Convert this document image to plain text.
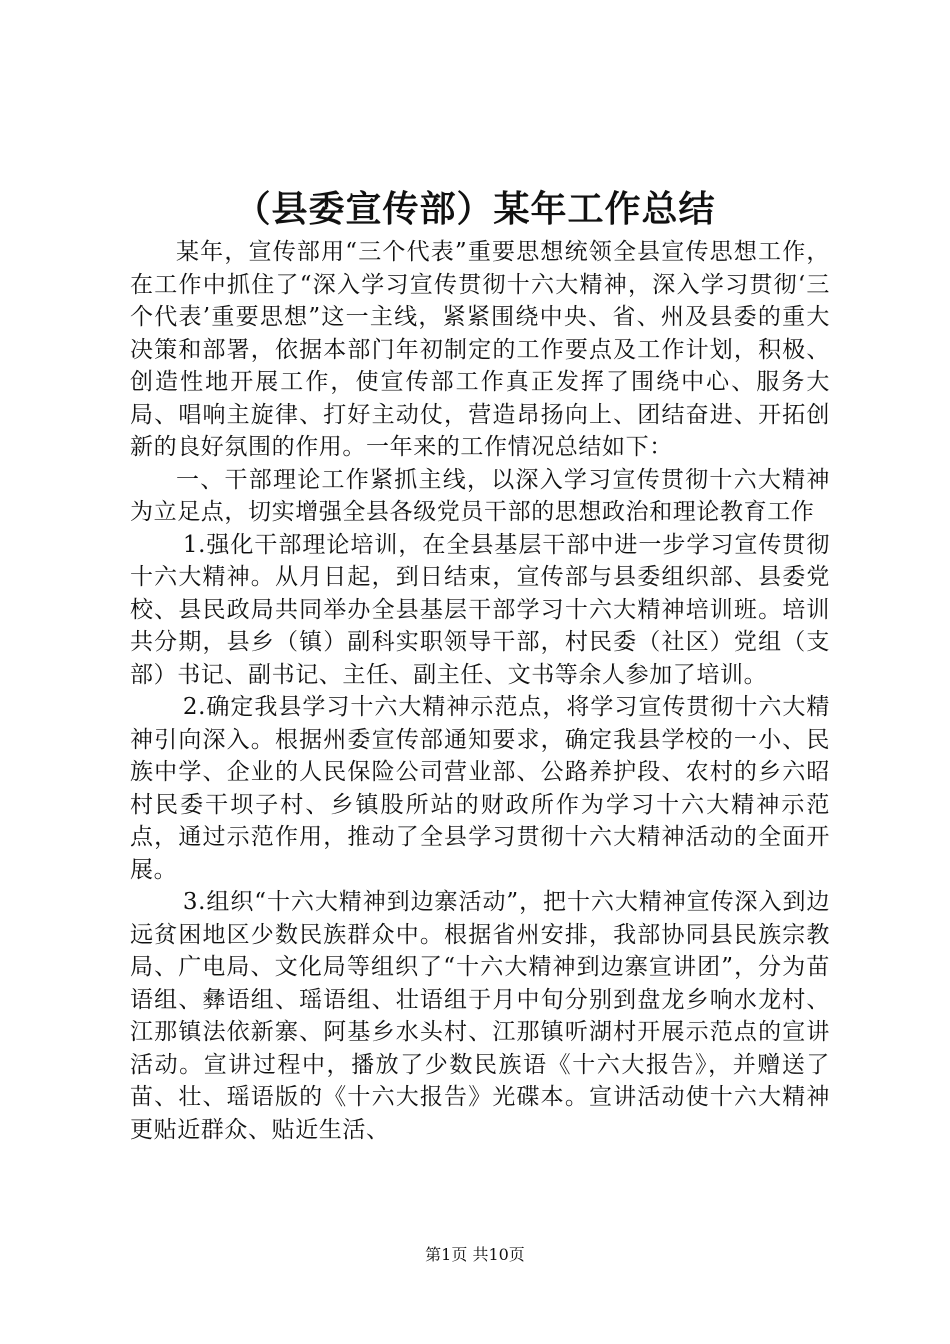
（县委宣传部）某年工作总结

某年，宣传部用“三个代表”重要思想统领全县宣传思想工作，在工作中抓住了“深入学习宣传贯彻十六大精神，深入学习贯彻‘三个代表’重要思想”这一主线，紧紧围绕中央、省、州及县委的重大决策和部署，依据本部门年初制定的工作要点及工作计划，积极、创造性地开展工作，使宣传部工作真正发挥了围绕中心、服务大局、唱响主旋律、打好主动仗，营造昂扬向上、团结奋进、开拓创新的良好氛围的作用。一年来的工作情况总结如下：

一、干部理论工作紧抓主线，以深入学习宣传贯彻十六大精神为立足点，切实增强全县各级党员干部的思想政治和理论教育工作

1.强化干部理论培训，在全县基层干部中进一步学习宣传贯彻十六大精神。从月日起，到日结束，宣传部与县委组织部、县委党校、县民政局共同举办全县基层干部学习十六大精神培训班。培训共分期，县乡（镇）副科实职领导干部，村民委（社区）党组（支部）书记、副书记、主任、副主任、文书等余人参加了培训。

2.确定我县学习十六大精神示范点，将学习宣传贯彻十六大精神引向深入。根据州委宣传部通知要求，确定我县学校的一小、民族中学、企业的人民保险公司营业部、公路养护段、农村的乡六昭村民委干坝子村、乡镇股所站的财政所作为学习十六大精神示范点，通过示范作用，推动了全县学习贯彻十六大精神活动的全面开展。

3.组织“十六大精神到边寨活动”，把十六大精神宣传深入到边远贫困地区少数民族群众中。根据省州安排，我部协同县民族宗教局、广电局、文化局等组织了“十六大精神到边寨宣讲团”，分为苗语组、彝语组、瑶语组、壮语组于月中旬分别到盘龙乡响水龙村、江那镇法依新寨、阿基乡水头村、江那镇听湖村开展示范点的宣讲活动。宣讲过程中，播放了少数民族语《十六大报告》，并赠送了苗、壮、瑶语版的《十六大报告》光碟本。宣讲活动使十六大精神更贴近群众、贴近生活、

第1页 共10页
